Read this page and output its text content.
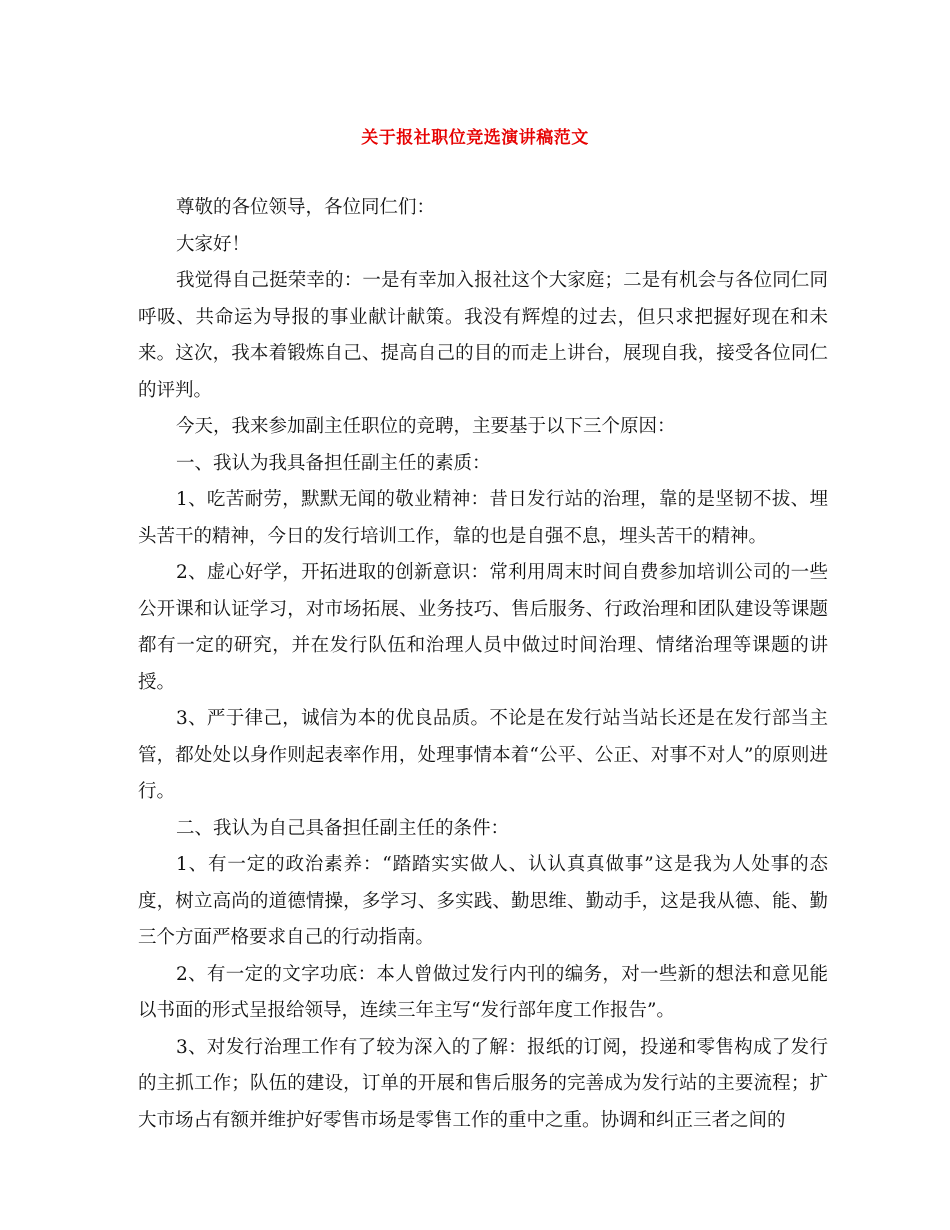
关于报社职位竞选演讲稿范文

尊敬的各位领导，各位同仁们：

大家好！

我觉得自己挺荣幸的：一是有幸加入报社这个大家庭；二是有机会与各位同仁同呼吸、共命运为导报的事业献计献策。我没有辉煌的过去，但只求把握好现在和未来。这次，我本着锻炼自己、提高自己的目的而走上讲台，展现自我，接受各位同仁的评判。

今天，我来参加副主任职位的竞聘，主要基于以下三个原因：

一、我认为我具备担任副主任的素质：

1、吃苦耐劳，默默无闻的敬业精神：昔日发行站的治理，靠的是坚韧不拔、埋头苦干的精神，今日的发行培训工作，靠的也是自强不息，埋头苦干的精神。

2、虚心好学，开拓进取的创新意识：常利用周末时间自费参加培训公司的一些公开课和认证学习，对市场拓展、业务技巧、售后服务、行政治理和团队建设等课题都有一定的研究，并在发行队伍和治理人员中做过时间治理、情绪治理等课题的讲授。

3、严于律己，诚信为本的优良品质。不论是在发行站当站长还是在发行部当主管，都处处以身作则起表率作用，处理事情本着“公平、公正、对事不对人”的原则进行。

二、我认为自己具备担任副主任的条件：

1、有一定的政治素养：“踏踏实实做人、认认真真做事”这是我为人处事的态度，树立高尚的道德情操，多学习、多实践、勤思维、勤动手，这是我从德、能、勤三个方面严格要求自己的行动指南。

2、有一定的文字功底：本人曾做过发行内刊的编务，对一些新的想法和意见能以书面的形式呈报给领导，连续三年主写“发行部年度工作报告”。

3、对发行治理工作有了较为深入的了解：报纸的订阅，投递和零售构成了发行的主抓工作；队伍的建设，订单的开展和售后服务的完善成为发行站的主要流程；扩大市场占有额并维护好零售市场是零售工作的重中之重。协调和纠正三者之间的
